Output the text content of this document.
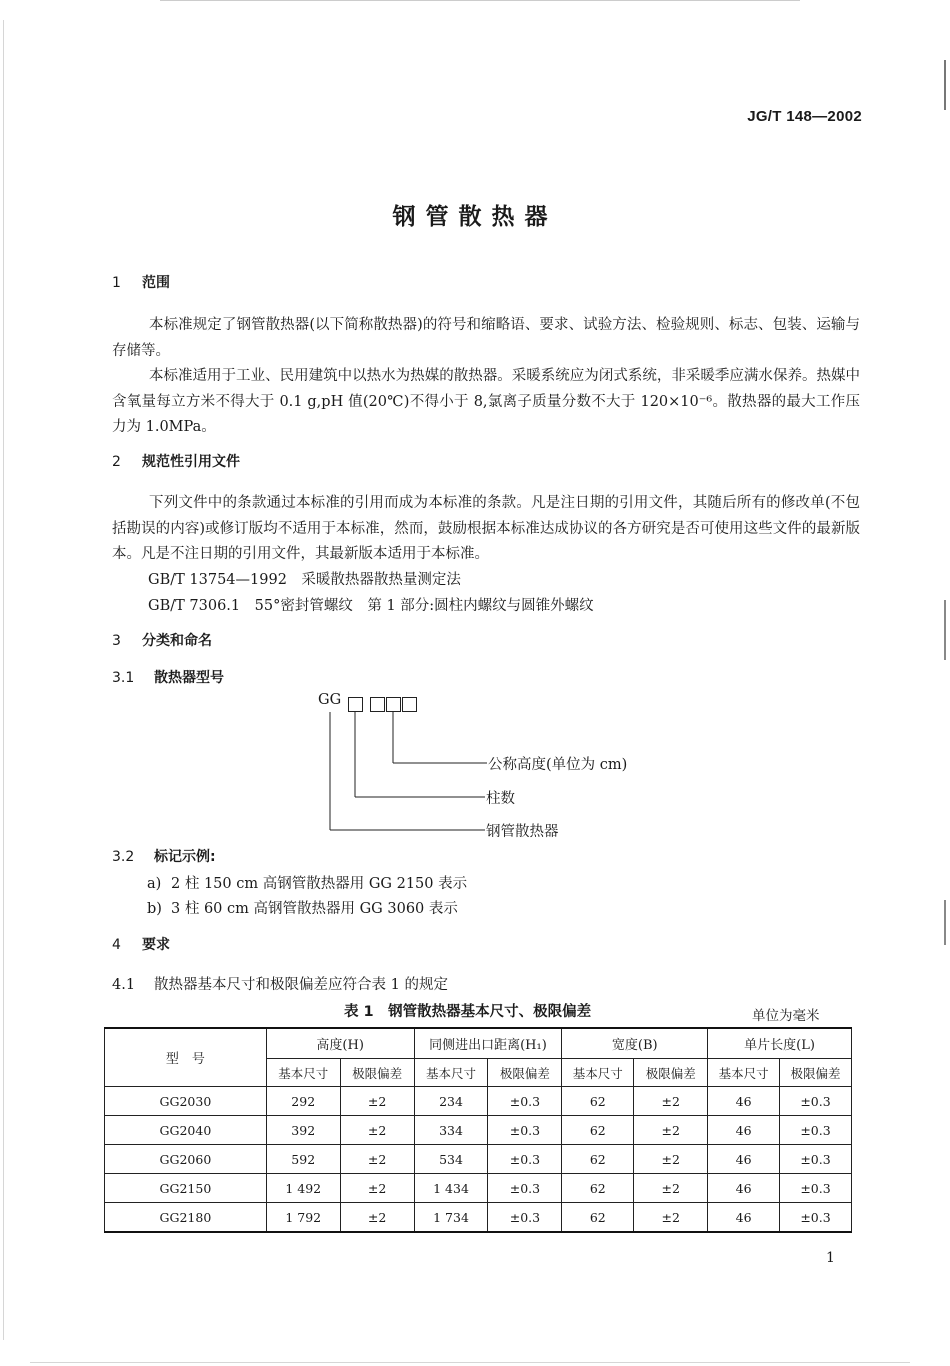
JG/T 148—2002
钢管散热器
1 范围
本标准规定了钢管散热器(以下简称散热器)的符号和缩略语、要求、试验方法、检验规则、标志、包装、运输与存储等。
本标准适用于工业、民用建筑中以热水为热媒的散热器。采暖系统应为闭式系统，非采暖季应满水保养。热媒中含氧量每立方米不得大于 0.1 g,pH 值(20℃)不得小于 8,氯离子质量分数不大于 120×10⁻⁶。散热器的最大工作压力为 1.0MPa。
2 规范性引用文件
下列文件中的条款通过本标准的引用而成为本标准的条款。凡是注日期的引用文件，其随后所有的修改单(不包括勘误的内容)或修订版均不适用于本标准，然而，鼓励根据本标准达成协议的各方研究是否可使用这些文件的最新版本。凡是不注日期的引用文件，其最新版本适用于本标准。
GB/T 13754—1992　采暖散热器散热量测定法
GB/T 7306.1　55°密封管螺纹　第 1 部分:圆柱内螺纹与圆锥外螺纹
3 分类和命名
3.1 散热器型号
GG
公称高度(单位为 cm)
柱数
钢管散热器
3.2 标记示例:
a) 2 柱 150 cm 高钢管散热器用 GG 2150 表示
b) 3 柱 60 cm 高钢管散热器用 GG 3060 表示
4 要求
4.1 散热器基本尺寸和极限偏差应符合表 1 的规定
表 1　钢管散热器基本尺寸、极限偏差	单位为毫米
型　号	高度(H)		同侧进出口距离(H₁)		宽度(B)		单片长度(L)	
	基本尺寸	极限偏差	基本尺寸	极限偏差	基本尺寸	极限偏差	基本尺寸	极限偏差
GG2030	292	±2	234	±0.3	62	±2	46	±0.3
GG2040	392	±2	334	±0.3	62	±2	46	±0.3
GG2060	592	±2	534	±0.3	62	±2	46	±0.3
GG2150	1 492	±2	1 434	±0.3	62	±2	46	±0.3
GG2180	1 792	±2	1 734	±0.3	62	±2	46	±0.3
1
